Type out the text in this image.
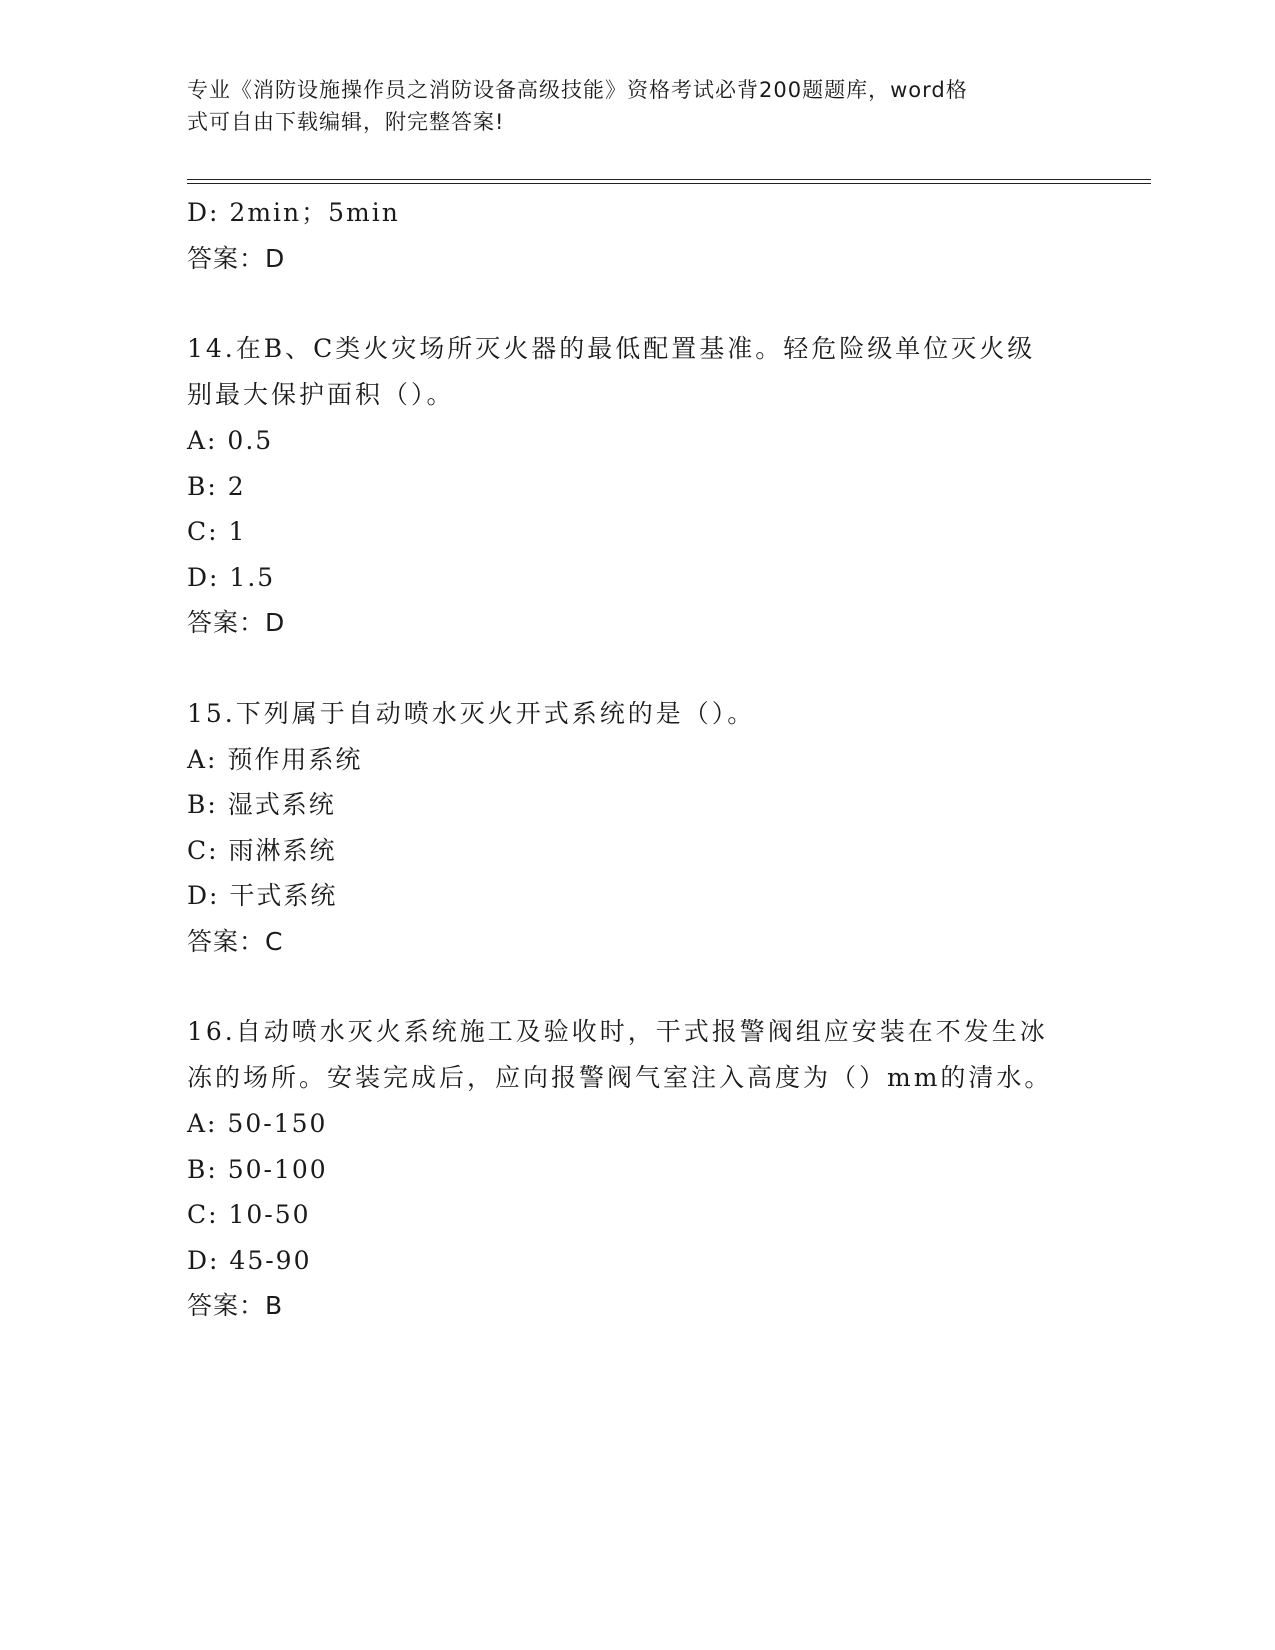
专业《消防设施操作员之消防设备高级技能》资格考试必背200题题库，word格
式可自由下载编辑，附完整答案!
D: 2min；5min
答案：D
14.在B、C类火灾场所灭火器的最低配置基准。轻危险级单位灭火级
别最大保护面积（）。
A: 0.5
B: 2
C: 1
D: 1.5
答案：D
15.下列属于自动喷水灭火开式系统的是（）。
A: 预作用系统
B: 湿式系统
C: 雨淋系统
D: 干式系统
答案：C
16.自动喷水灭火系统施工及验收时，干式报警阀组应安装在不发生冰
冻的场所。安装完成后，应向报警阀气室注入高度为（）mm的清水。
A: 50-150
B: 50-100
C: 10-50
D: 45-90
答案：B
